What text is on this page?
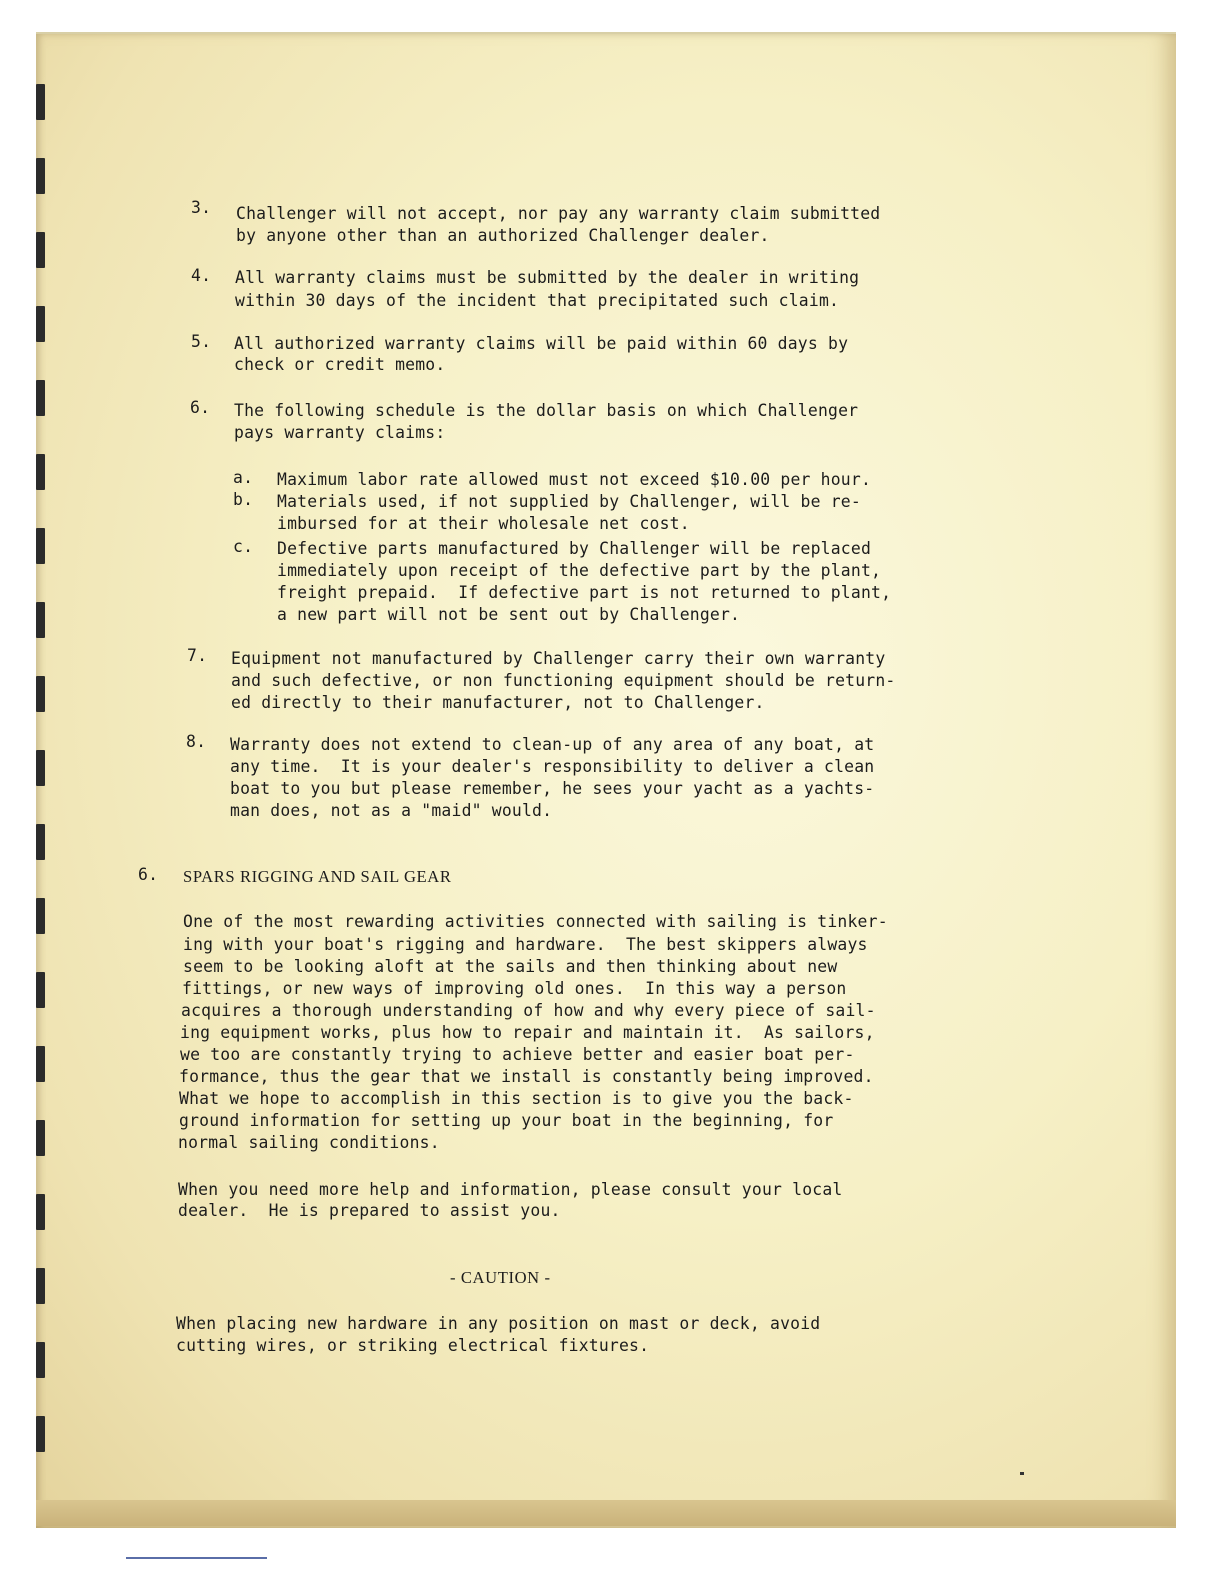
3.

Challenger will not accept, nor pay any warranty claim submitted

by anyone other than an authorized Challenger dealer.

4.

All warranty claims must be submitted by the dealer in writing

within 30 days of the incident that precipitated such claim.

5.

All authorized warranty claims will be paid within 60 days by

check or credit memo.

6.

The following schedule is the dollar basis on which Challenger

pays warranty claims:

a.

Maximum labor rate allowed must not exceed $10.00 per hour.

b.

Materials used, if not supplied by Challenger, will be re-

imbursed for at their wholesale net cost.

c.

Defective parts manufactured by Challenger will be replaced

immediately upon receipt of the defective part by the plant,

freight prepaid.  If defective part is not returned to plant,

a new part will not be sent out by Challenger.

7.

Equipment not manufactured by Challenger carry their own warranty

and such defective, or non functioning equipment should be return-

ed directly to their manufacturer, not to Challenger.

8.

Warranty does not extend to clean-up of any area of any boat, at

any time.  It is your dealer's responsibility to deliver a clean

boat to you but please remember, he sees your yacht as a yachts-

man does, not as a "maid" would.

6.

SPARS RIGGING AND SAIL GEAR

One of the most rewarding activities connected with sailing is tinker-

ing with your boat's rigging and hardware.  The best skippers always

seem to be looking aloft at the sails and then thinking about new

fittings, or new ways of improving old ones.  In this way a person

acquires a thorough understanding of how and why every piece of sail-

ing equipment works, plus how to repair and maintain it.  As sailors,

we too are constantly trying to achieve better and easier boat per-

formance, thus the gear that we install is constantly being improved.

What we hope to accomplish in this section is to give you the back-

ground information for setting up your boat in the beginning, for

normal sailing conditions.

When you need more help and information, please consult your local

dealer.  He is prepared to assist you.

- CAUTION -

When placing new hardware in any position on mast or deck, avoid

cutting wires, or striking electrical fixtures.
